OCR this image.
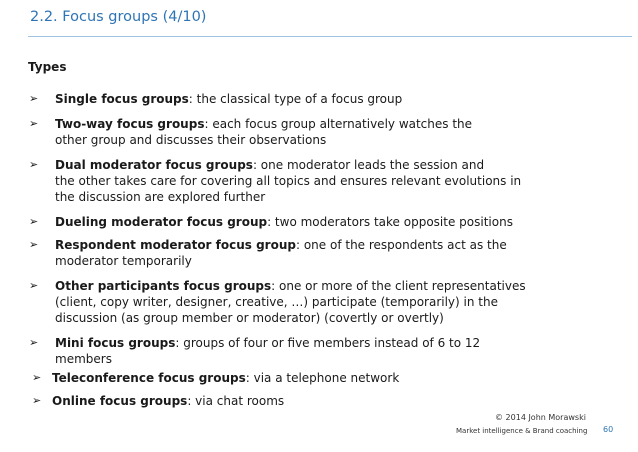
2.2. Focus groups (4/10)
Types
➢ Single focus groups: the classical type of a focus group
➢ Two-way focus groups: each focus group alternatively watches the
other group and discusses their observations
➢ Dual moderator focus groups: one moderator leads the session and
the other takes care for covering all topics and ensures relevant evolutions in
the discussion are explored further
➢ Dueling moderator focus group: two moderators take opposite positions
➢ Respondent moderator focus group: one of the respondents act as the
moderator temporarily
➢ Other participants focus groups: one or more of the client representatives
(client, copy writer, designer, creative, …) participate (temporarily) in the
discussion (as group member or moderator) (covertly or overtly)
➢ Mini focus groups: groups of four or five members instead of 6 to 12
members
➢ Teleconference focus groups: via a telephone network
➢ Online focus groups: via chat rooms
© 2014 John Morawski
Market intelligence & Brand coaching 60
